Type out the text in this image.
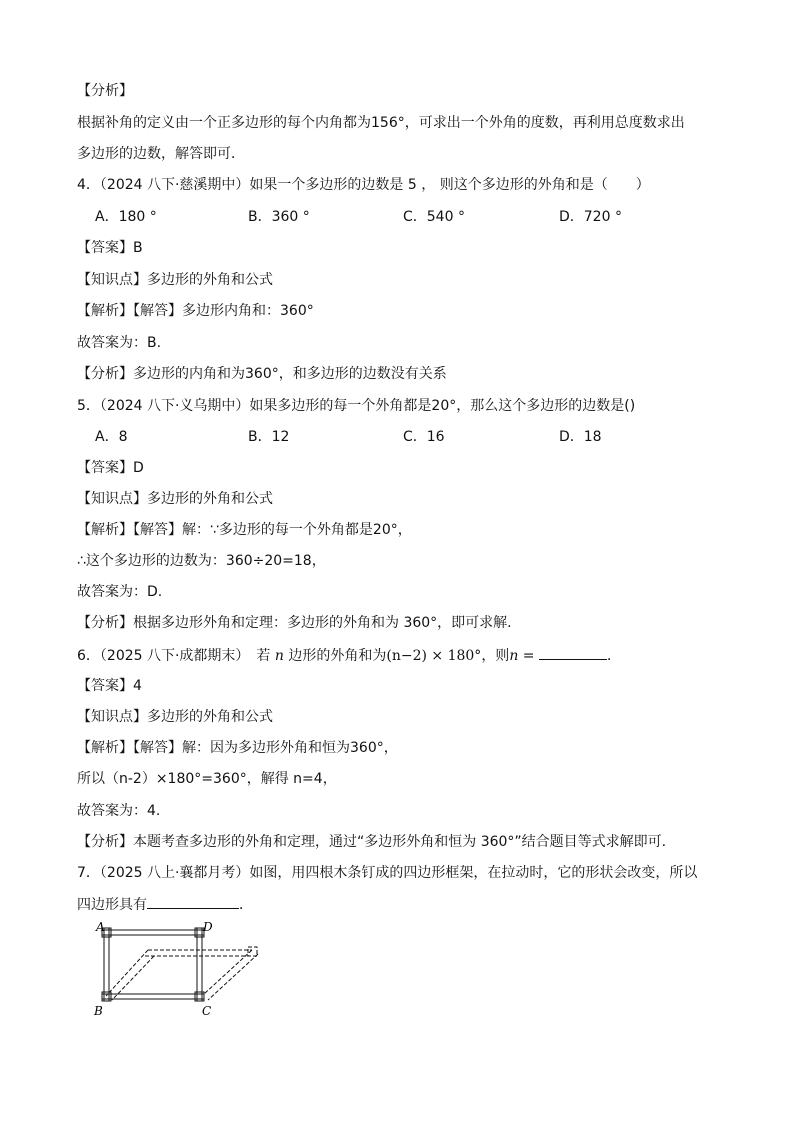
【分析】
根据补角的定义由一个正多边形的每个内角都为156°，可求出一个外角的度数，再利用总度数求出
多边形的边数，解答即可．
4．（2024 八下·慈溪期中）如果一个多边形的边数是 5 ， 则这个多边形的外角和是（　　）
A．180 °	B．360 °	C．540 °	D．720 °
【答案】B
【知识点】多边形的外角和公式
【解析】【解答】多边形内角和：360°
故答案为：B.
【分析】多边形的内角和为360°，和多边形的边数没有关系
5．（2024 八下·义乌期中）如果多边形的每一个外角都是20°，那么这个多边形的边数是()
A．8	B．12	C．16	D．18
【答案】D
【知识点】多边形的外角和公式
【解析】【解答】解：∵多边形的每一个外角都是20°，
∴这个多边形的边数为：360÷20=18，
故答案为：D.
【分析】根据多边形外角和定理：多边形的外角和为 360°，即可求解.
6．（2025 八下·成都期末）　若 n 边形的外角和为(n−2) × 180°，则n =	．
【答案】4
【知识点】多边形的外角和公式
【解析】【解答】解：因为多边形外角和恒为360°，
所以（n-2）×180°=360°，解得 n=4，
故答案为：4.
【分析】本题考查多边形的外角和定理，通过“多边形外角和恒为 360°”结合题目等式求解即可.
7．（2025 八上·襄都月考）如图，用四根木条钉成的四边形框架，在拉动时，它的形状会改变，所以
四边形具有	．
A	D
B	C
